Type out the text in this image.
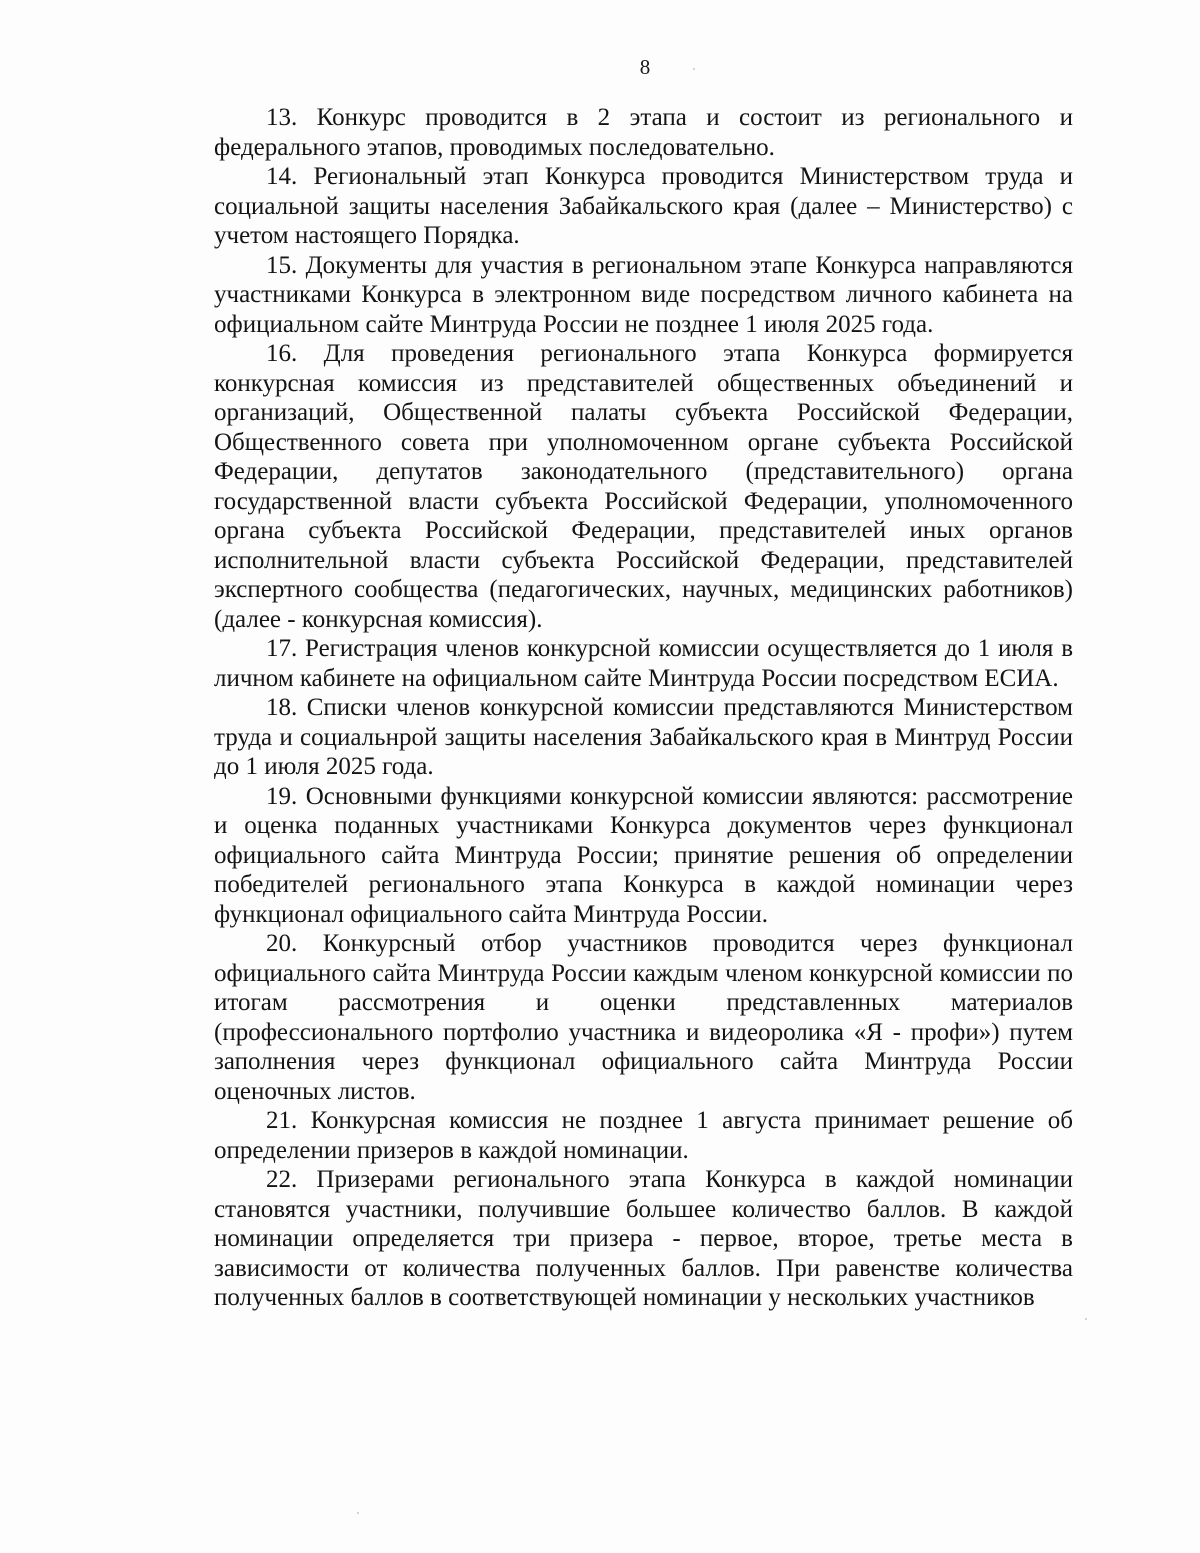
8

13. Конкурс проводится в 2 этапа и состоит из регионального и федерального этапов, проводимых последовательно.

14. Региональный этап Конкурса проводится Министерством труда и социальной защиты населения Забайкальского края (далее – Министерство) с учетом настоящего Порядка.

15. Документы для участия в региональном этапе Конкурса направляются участниками Конкурса в электронном виде посредством личного кабинета на официальном сайте Минтруда России не позднее 1 июля 2025 года.

16. Для проведения регионального этапа Конкурса формируется конкурсная комиссия из представителей общественных объединений и организаций, Общественной палаты субъекта Российской Федерации, Общественного совета при уполномоченном органе субъекта Российской Федерации, депутатов законодательного (представительного) органа государственной власти субъекта Российской Федерации, уполномоченного органа субъекта Российской Федерации, представителей иных органов исполнительной власти субъекта Российской Федерации, представителей экспертного сообщества (педагогических, научных, медицинских работников) (далее - конкурсная комиссия).

17. Регистрация членов конкурсной комиссии осуществляется до 1 июля в личном кабинете на официальном сайте Минтруда России посредством ЕСИА.

18. Списки членов конкурсной комиссии представляются Министерством труда и социальнрой защиты населения Забайкальского края в Минтруд России до 1 июля 2025 года.

19. Основными функциями конкурсной комиссии являются: рассмотрение и оценка поданных участниками Конкурса документов через функционал официального сайта Минтруда России; принятие решения об определении победителей регионального этапа Конкурса в каждой номинации через функционал официального сайта Минтруда России.

20. Конкурсный отбор участников проводится через функционал официального сайта Минтруда России каждым членом конкурсной комиссии по итогам рассмотрения и оценки представленных материалов (профессионального портфолио участника и видеоролика «Я - профи») путем заполнения через функционал официального сайта Минтруда России оценочных листов.

21. Конкурсная комиссия не позднее 1 августа принимает решение об определении призеров в каждой номинации.

22. Призерами регионального этапа Конкурса в каждой номинации становятся участники, получившие большее количество баллов. В каждой номинации определяется три призера - первое, второе, третье места в зависимости от количества полученных баллов. При равенстве количества полученных баллов в соответствующей номинации у нескольких участников
